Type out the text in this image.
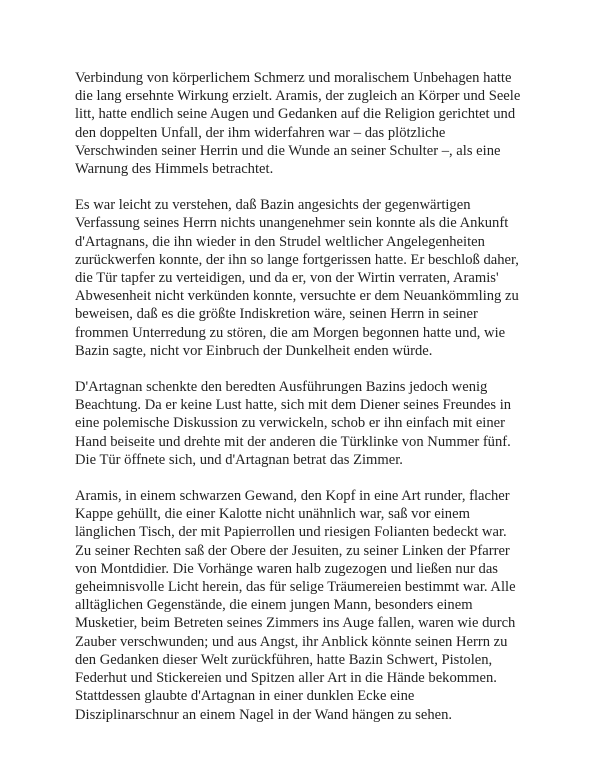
Verbindung von körperlichem Schmerz und moralischem Unbehagen hatte
die lang ersehnte Wirkung erzielt. Aramis, der zugleich an Körper und Seele
litt, hatte endlich seine Augen und Gedanken auf die Religion gerichtet und
den doppelten Unfall, der ihm widerfahren war – das plötzliche
Verschwinden seiner Herrin und die Wunde an seiner Schulter –, als eine
Warnung des Himmels betrachtet.

Es war leicht zu verstehen, daß Bazin angesichts der gegenwärtigen
Verfassung seines Herrn nichts unangenehmer sein konnte als die Ankunft
d'Artagnans, die ihn wieder in den Strudel weltlicher Angelegenheiten
zurückwerfen konnte, der ihn so lange fortgerissen hatte. Er beschloß daher,
die Tür tapfer zu verteidigen, und da er, von der Wirtin verraten, Aramis'
Abwesenheit nicht verkünden konnte, versuchte er dem Neuankömmling zu
beweisen, daß es die größte Indiskretion wäre, seinen Herrn in seiner
frommen Unterredung zu stören, die am Morgen begonnen hatte und, wie
Bazin sagte, nicht vor Einbruch der Dunkelheit enden würde.

D'Artagnan schenkte den beredten Ausführungen Bazins jedoch wenig
Beachtung. Da er keine Lust hatte, sich mit dem Diener seines Freundes in
eine polemische Diskussion zu verwickeln, schob er ihn einfach mit einer
Hand beiseite und drehte mit der anderen die Türklinke von Nummer fünf.
Die Tür öffnete sich, und d'Artagnan betrat das Zimmer.

Aramis, in einem schwarzen Gewand, den Kopf in eine Art runder, flacher
Kappe gehüllt, die einer Kalotte nicht unähnlich war, saß vor einem
länglichen Tisch, der mit Papierrollen und riesigen Folianten bedeckt war.
Zu seiner Rechten saß der Obere der Jesuiten, zu seiner Linken der Pfarrer
von Montdidier. Die Vorhänge waren halb zugezogen und ließen nur das
geheimnisvolle Licht herein, das für selige Träumereien bestimmt war. Alle
alltäglichen Gegenstände, die einem jungen Mann, besonders einem
Musketier, beim Betreten seines Zimmers ins Auge fallen, waren wie durch
Zauber verschwunden; und aus Angst, ihr Anblick könnte seinen Herrn zu
den Gedanken dieser Welt zurückführen, hatte Bazin Schwert, Pistolen,
Federhut und Stickereien und Spitzen aller Art in die Hände bekommen.
Stattdessen glaubte d'Artagnan in einer dunklen Ecke eine
Disziplinarschnur an einem Nagel in der Wand hängen zu sehen.
